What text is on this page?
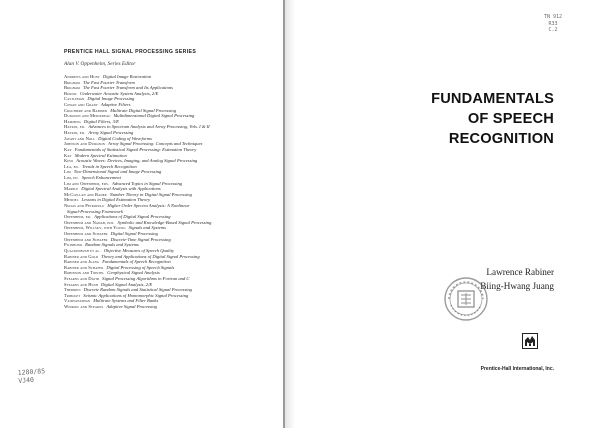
PRENTICE HALL SIGNAL PROCESSING SERIES
Alan V. Oppenheim, Series Editor
Andrews and Hunt Digital Image Restoration
Brigham The Fast Fourier Transform
Brigham The Fast Fourier Transform and Its Applications
Burdic Underwater Acoustic System Analysis, 2/E
Castleman Digital Image Processing
Cowan and Grant Adaptive Filters
Crochiere and Rabiner Multirate Digital Signal Processing
Dudgeon and Mersereau Multidimensional Digital Signal Processing
Hamming Digital Filters, 3/E
Haykin, ed. Advances in Spectrum Analysis and Array Processing, Vols. I & II
Haykin, ed. Array Signal Processing
Jayant and Noll Digital Coding of Waveforms
Johnson and Dudgeon Array Signal Processing: Concepts and Techniques
Kay Fundamentals of Statistical Signal Processing: Estimation Theory
Kay Modern Spectral Estimation
Kino Acoustic Waves: Devices, Imaging, and Analog Signal Processing
Lea, ed. Trends in Speech Recognition
Lim Two-Dimensional Signal and Image Processing
Lim, ed. Speech Enhancement
Lim and Oppenheim, eds. Advanced Topics in Signal Processing
Marple Digital Spectral Analysis with Applications
McClellan and Rader Number Theory in Digital Signal Processing
Mendel Lessons in Digital Estimation Theory
Nikias and Petropulu Higher Order Spectra Analysis: A Nonlinear
Signal-Processing Framework
Oppenheim, ed. Applications of Digital Signal Processing
Oppenheim and Nawab, eds. Symbolic and Knowledge-Based Signal Processing
Oppenheim, Willsky, with Young Signals and Systems
Oppenheim and Schafer Digital Signal Processing
Oppenheim and Schafer Discrete-Time Signal Processing
Picinbono Random Signals and Systems
Quackenbush et al. Objective Measures of Speech Quality
Rabiner and Gold Theory and Applications of Digital Signal Processing
Rabiner and Juang Fundamentals of Speech Recognition
Rabiner and Schafer Digital Processing of Speech Signals
Robinson and Treitel Geophysical Signal Analysis
Stearns and David Signal Processing Algorithms in Fortran and C
Stearns and Hush Digital Signal Analysis, 2/E
Therrien Discrete Random Signals and Statistical Signal Processing
Tribolet Seismic Applications of Homomorphic Signal Processing
Vaidyanathan Multirate Systems and Filter Banks
Widrow and Stearns Adaptive Signal Processing
TN 912
R33
C.2
FUNDAMENTALS
OF SPEECH
RECOGNITION
Lawrence Rabiner
Biing-Hwang Juang
Prentice-Hall International, Inc.
1280/85
VJ40
